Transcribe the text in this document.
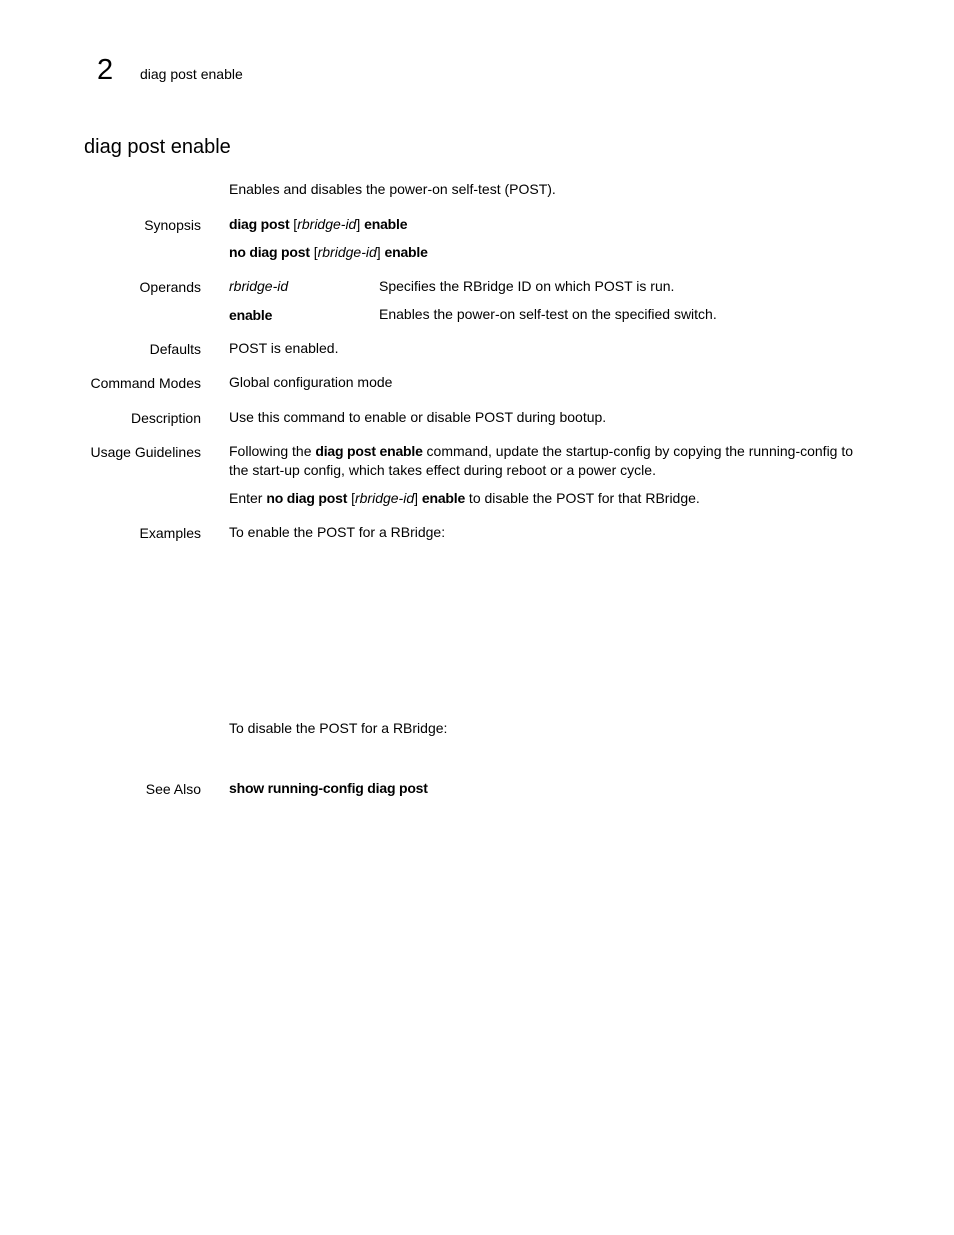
2 diag post enable
diag post enable
Enables and disables the power-on self-test (POST).
Synopsis diag post [rbridge-id] enable
no diag post [rbridge-id] enable
Operands rbridge-id	Specifies the RBridge ID on which POST is run.
enable	Enables the power-on self-test on the specified switch.
Defaults POST is enabled.
Command Modes Global configuration mode
Description Use this command to enable or disable POST during bootup.
Usage Guidelines Following the diag post enable command, update the startup-config by copying the running-config to the start-up config, which takes effect during reboot or a power cycle.
Enter no diag post [rbridge-id] enable to disable the POST for that RBridge.
Examples To enable the POST for a RBridge:
To disable the POST for a RBridge:
See Also show running-config diag post
